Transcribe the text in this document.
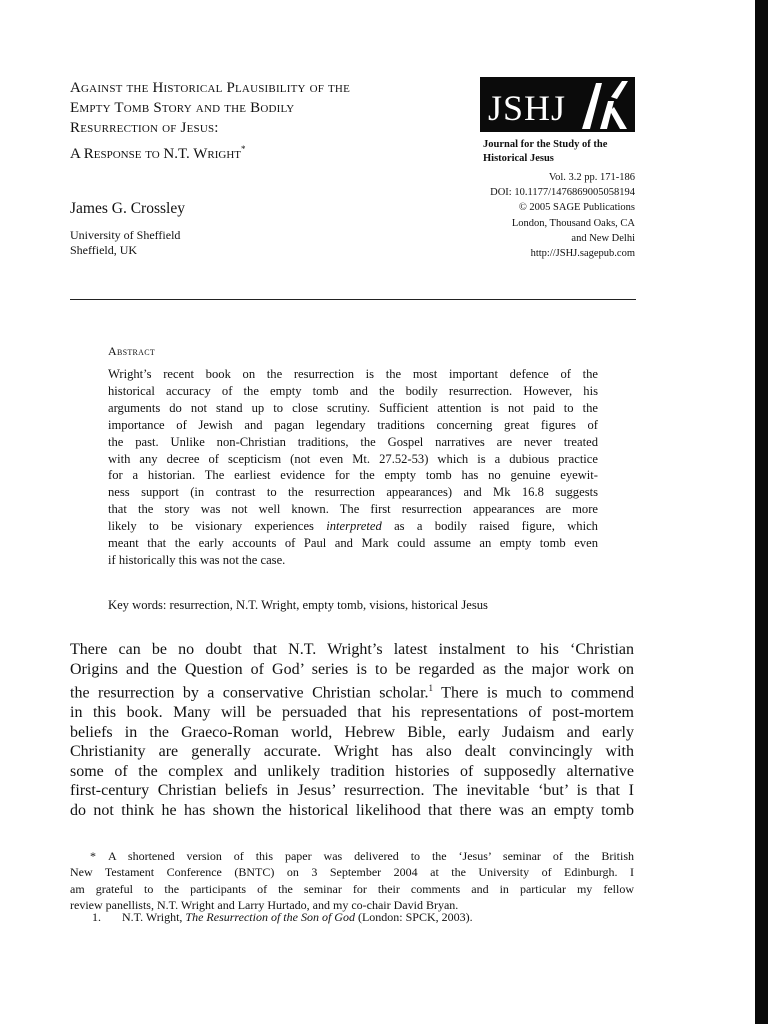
Against the Historical Plausibility of the
Empty Tomb Story and the Bodily
Resurrection of Jesus:
A Response to N.T. Wright*
James G. Crossley
University of Sheffield
Sheffield, UK
JSHJ
Journal for the Study of the
Historical Jesus
Vol. 3.2 pp. 171-186
DOI: 10.1177/1476869005058194
© 2005 SAGE Publications
London, Thousand Oaks, CA
and New Delhi
http://JSHJ.sagepub.com
Abstract
Wright’s recent book on the resurrection is the most important defence of the
historical accuracy of the empty tomb and the bodily resurrection. However, his
arguments do not stand up to close scrutiny. Sufficient attention is not paid to the
importance of Jewish and pagan legendary traditions concerning great figures of
the past. Unlike non-Christian traditions, the Gospel narratives are never treated
with any decree of scepticism (not even Mt. 27.52-53) which is a dubious practice
for a historian. The earliest evidence for the empty tomb has no genuine eyewit-
ness support (in contrast to the resurrection appearances) and Mk 16.8 suggests
that the story was not well known. The first resurrection appearances are more
likely to be visionary experiences interpreted as a bodily raised figure, which
meant that the early accounts of Paul and Mark could assume an empty tomb even
if historically this was not the case.
Key words: resurrection, N.T. Wright, empty tomb, visions, historical Jesus
There can be no doubt that N.T. Wright’s latest instalment to his ‘Christian
Origins and the Question of God’ series is to be regarded as the major work on
the resurrection by a conservative Christian scholar.$^1$ There is much to commend
in this book. Many will be persuaded that his representations of post-mortem
beliefs in the Graeco-Roman world, Hebrew Bible, early Judaism and early
Christianity are generally accurate. Wright has also dealt convincingly with
some of the complex and unlikely tradition histories of supposedly alternative
first-century Christian beliefs in Jesus’ resurrection. The inevitable ‘but’ is that I
do not think he has shown the historical likelihood that there was an empty tomb
* A shortened version of this paper was delivered to the ‘Jesus’ seminar of the British
New Testament Conference (BNTC) on 3 September 2004 at the University of Edinburgh. I
am grateful to the participants of the seminar for their comments and in particular my fellow
review panellists, N.T. Wright and Larry Hurtado, and my co-chair David Bryan.
1. N.T. Wright, The Resurrection of the Son of God (London: SPCK, 2003).
